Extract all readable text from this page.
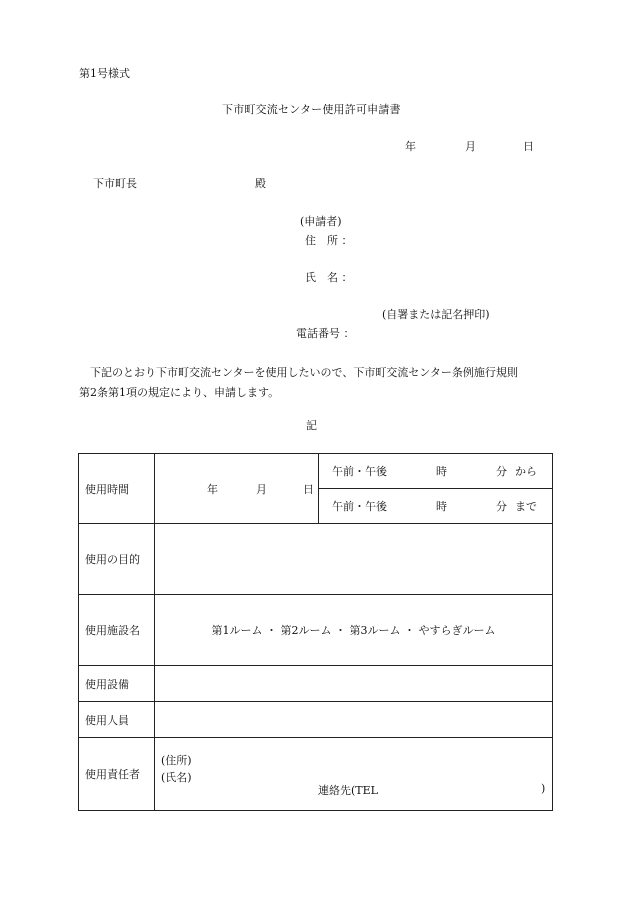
第1号様式
下市町交流センター使用許可申請書
年	月	日
下市町長	殿
(申請者)
住　所 ：
氏　名 ：
(自署または記名押印)
電話番号 ：

下記のとおり下市町交流センターを使用したいので、下市町交流センター条例施行規則

第2条第1項の規定により、申請します。

記
使用時間	年 月 日	午前・午後 時 分 から

		午前・午後 時 分 まで

使用の目的		
使用施設名	第1ルーム ・ 第2ルーム ・ 第3ルーム ・ やすらぎルーム	
使用設備		
使用人員		
使用責任者	(住所)
(氏名)
連絡先(TEL )	
